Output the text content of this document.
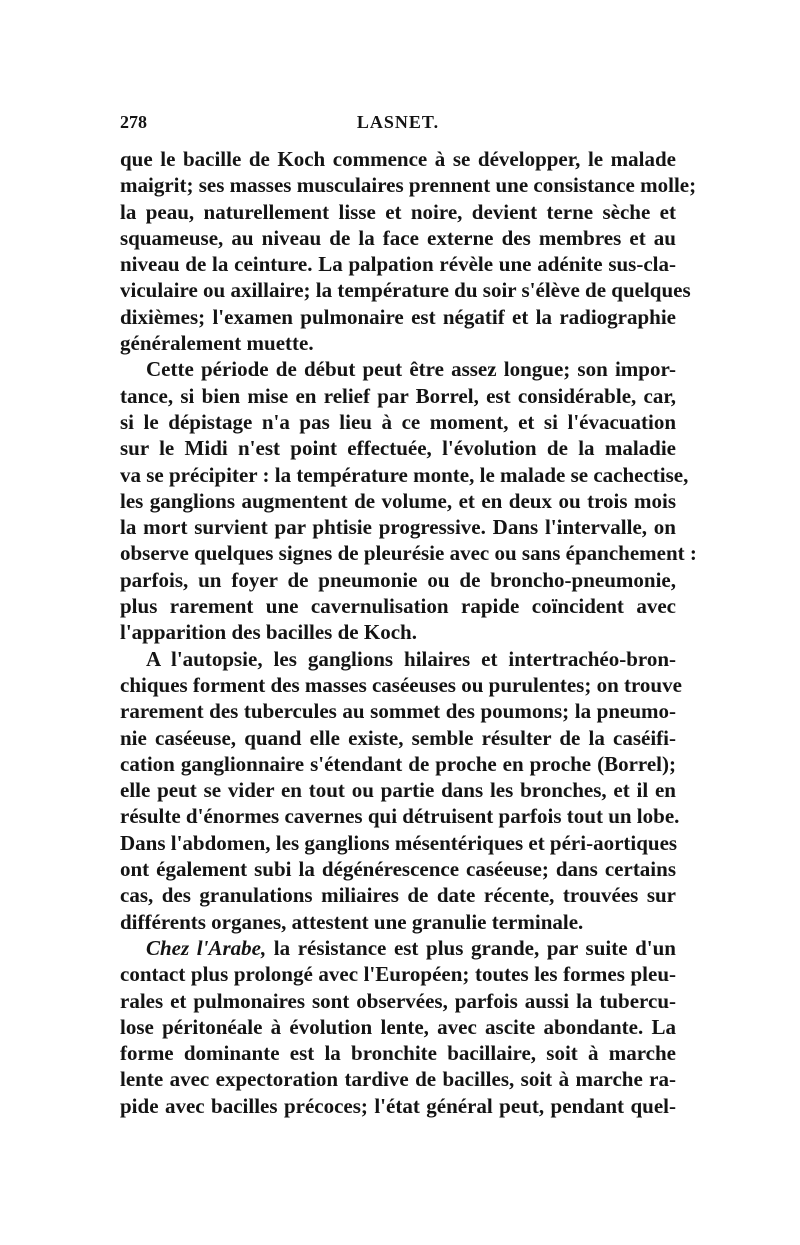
278	LASNET.
que le bacille de Koch commence à se développer, le malade
maigrit; ses masses musculaires prennent une consistance molle;
la peau, naturellement lisse et noire, devient terne sèche et
squameuse, au niveau de la face externe des membres et au
niveau de la ceinture. La palpation révèle une adénite sus-cla-
viculaire ou axillaire; la température du soir s'élève de quelques
dixièmes; l'examen pulmonaire est négatif et la radiographie
généralement muette.
Cette période de début peut être assez longue; son impor-
tance, si bien mise en relief par Borrel, est considérable, car,
si le dépistage n'a pas lieu à ce moment, et si l'évacuation
sur le Midi n'est point effectuée, l'évolution de la maladie
va se précipiter : la température monte, le malade se cachectise,
les ganglions augmentent de volume, et en deux ou trois mois
la mort survient par phtisie progressive. Dans l'intervalle, on
observe quelques signes de pleurésie avec ou sans épanchement :
parfois, un foyer de pneumonie ou de broncho-pneumonie,
plus rarement une cavernulisation rapide coïncident avec
l'apparition des bacilles de Koch.
A l'autopsie, les ganglions hilaires et intertrachéo-bron-
chiques forment des masses caséeuses ou purulentes; on trouve
rarement des tubercules au sommet des poumons; la pneumo-
nie caséeuse, quand elle existe, semble résulter de la caséifi-
cation ganglionnaire s'étendant de proche en proche (Borrel);
elle peut se vider en tout ou partie dans les bronches, et il en
résulte d'énormes cavernes qui détruisent parfois tout un lobe.
Dans l'abdomen, les ganglions mésentériques et péri-aortiques
ont également subi la dégénérescence caséeuse; dans certains
cas, des granulations miliaires de date récente, trouvées sur
différents organes, attestent une granulie terminale.
Chez l'Arabe, la résistance est plus grande, par suite d'un
contact plus prolongé avec l'Européen; toutes les formes pleu-
rales et pulmonaires sont observées, parfois aussi la tubercu-
lose péritonéale à évolution lente, avec ascite abondante. La
forme dominante est la bronchite bacillaire, soit à marche
lente avec expectoration tardive de bacilles, soit à marche ra-
pide avec bacilles précoces; l'état général peut, pendant quel-
